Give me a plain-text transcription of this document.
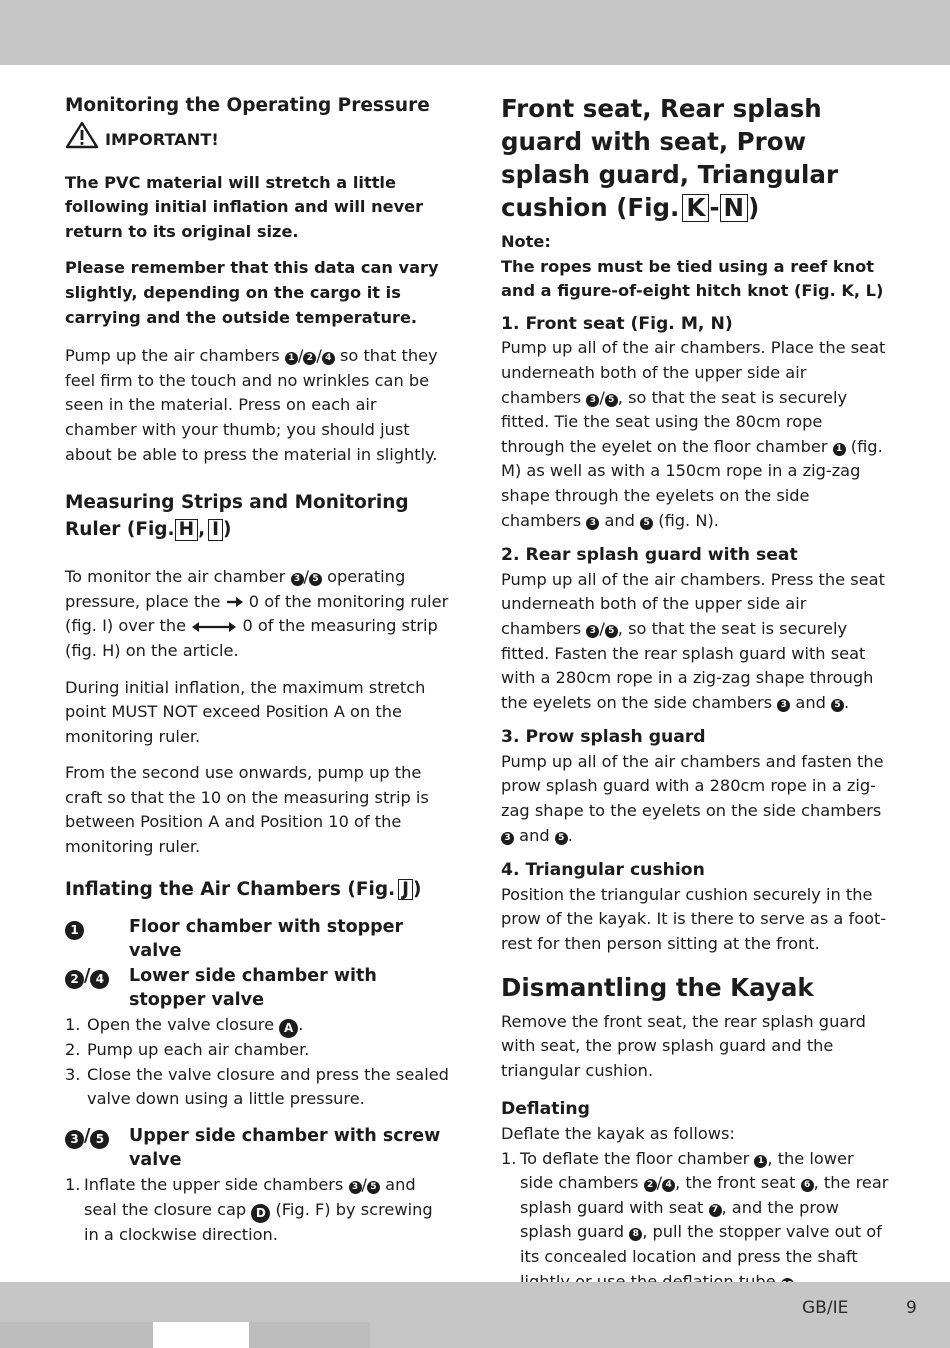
Monitoring the Operating Pressure

IMPORTANT!

The PVC material will stretch a little following initial inflation and will never return to its original size.

Please remember that this data can vary slightly, depending on the cargo it is carrying and the outside temperature.

Pump up the air chambers 1 / 2 / 4 so that they feel firm to the touch and no wrinkles can be seen in the material. Press on each air chamber with your thumb; you should just about be able to press the material in slightly.

Measuring Strips and Monitoring Ruler (Fig. H , I )

To monitor the air chamber 3 / 5 operating pressure, place the 0 of the monitoring ruler (fig. I) over the	0 of the measuring strip (fig. H) on the article.

During initial inflation, the maximum stretch point MUST NOT exceed Position A on the monitoring ruler.

From the second use onwards, pump up the craft so that the 10 on the measuring strip is between Position A and Position 10 of the monitoring ruler.

Inflating the Air Chambers (Fig. J )

1	Floor chamber with stopper valve
2 / 4	Lower side chamber with stopper valve
1. Open the valve closure A .
2. Pump up each air chamber.
3. Close the valve closure and press the sealed valve down using a little pressure.
3 / 5	Upper side chamber with screw valve
1. Inflate the upper side chambers 3 / 5 and seal the closure cap D (Fig. F) by screwing in a clockwise direction.

Front seat, Rear splash guard with seat, Prow splash guard, Triangular cushion (Fig. K - N )

Note:

The ropes must be tied using a reef knot and a figure-of-eight hitch knot (Fig. K, L)

1. Front seat (Fig. M, N)

Pump up all of the air chambers. Place the seat underneath both of the upper side air chambers 3 / 5 , so that the seat is securely fitted. Tie the seat using the 80cm rope through the eyelet on the floor chamber 1 (fig. M) as well as with a 150cm rope in a zig-zag shape through the eyelets on the side chambers 3 and 5 (fig. N).

2. Rear splash guard with seat

Pump up all of the air chambers. Press the seat underneath both of the upper side air chambers 3 / 5 , so that the seat is securely fitted. Fasten the rear splash guard with seat with a 280cm rope in a zig-zag shape through the eyelets on the side chambers 3 and 5 .

3. Prow splash guard

Pump up all of the air chambers and fasten the prow splash guard with a 280cm rope in a zig-zag shape to the eyelets on the side chambers 3 and 5 .

4. Triangular cushion

Position the triangular cushion securely in the prow of the kayak. It is there to serve as a foot-rest for then person sitting at the front.

Dismantling the Kayak

Remove the front seat, the rear splash guard with seat, the prow splash guard and the triangular cushion.

Deflating

Deflate the kayak as follows:

1. To deflate the floor chamber 1 , the lower side chambers 2 / 4 , the front seat 6 , the rear splash guard with seat 7 , and the prow splash guard 8 , pull the stopper valve out of its concealed location and press the shaft
GB/IE	9
